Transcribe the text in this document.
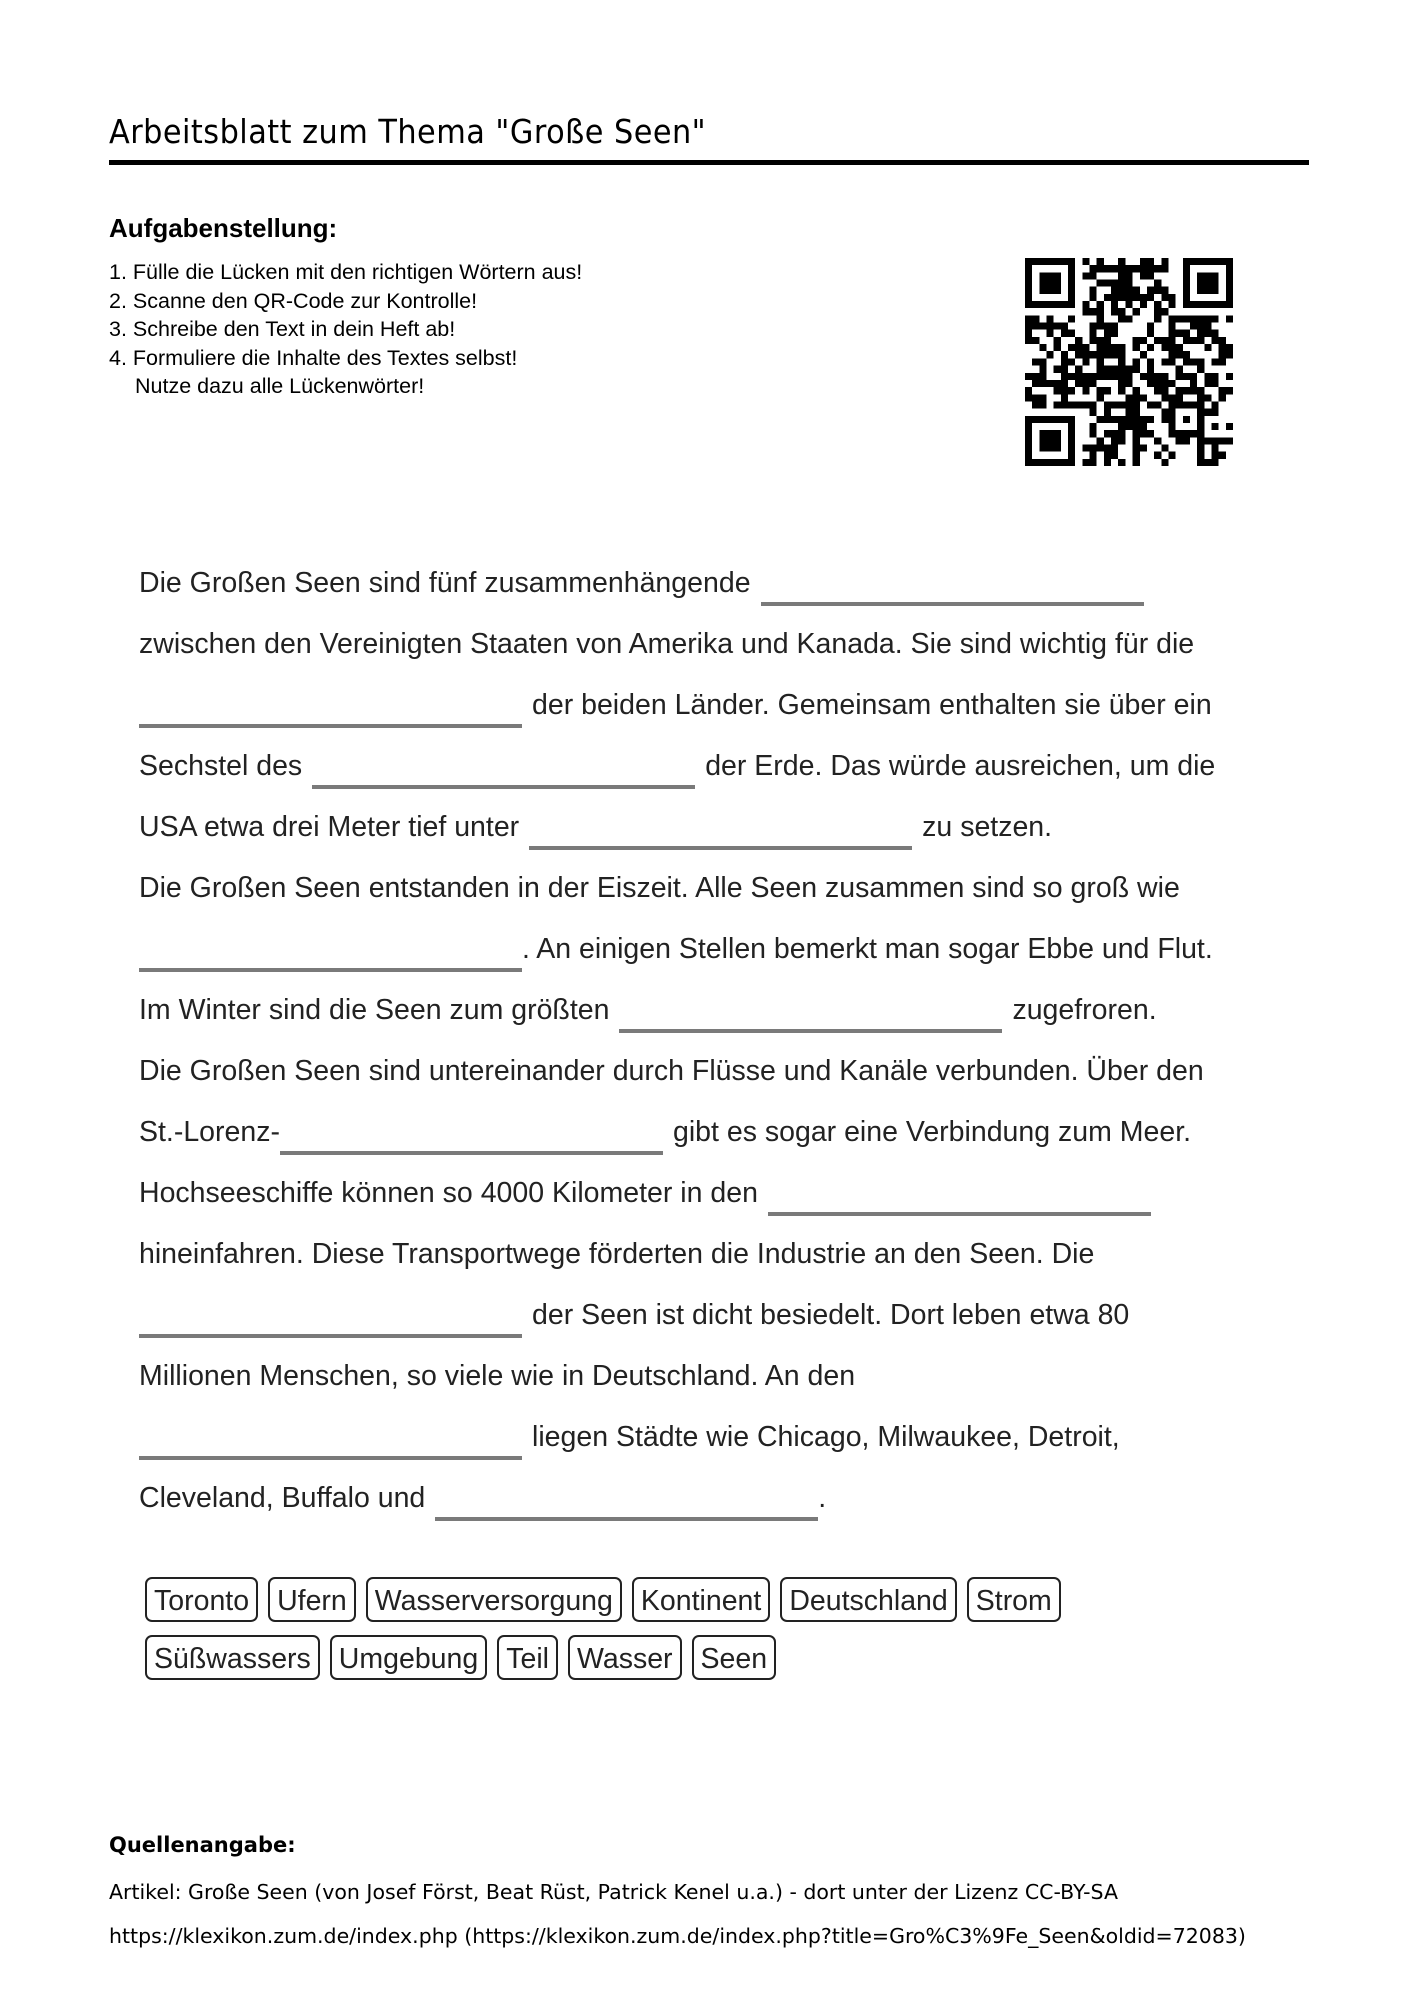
Arbeitsblatt zum Thema "Große Seen"
Aufgabenstellung:
1. Fülle die Lücken mit den richtigen Wörtern aus!
2. Scanne den QR-Code zur Kontrolle!
3. Schreibe den Text in dein Heft ab!
4. Formuliere die Inhalte des Textes selbst!
Nutze dazu alle Lückenwörter!
Die Großen Seen sind fünf zusammenhängende
zwischen den Vereinigten Staaten von Amerika und Kanada. Sie sind wichtig für die
der beiden Länder. Gemeinsam enthalten sie über ein
Sechstel des	der Erde. Das würde ausreichen, um die
USA etwa drei Meter tief unter	zu setzen.
Die Großen Seen entstanden in der Eiszeit. Alle Seen zusammen sind so groß wie
. An einigen Stellen bemerkt man sogar Ebbe und Flut.
Im Winter sind die Seen zum größten	zugefroren.
Die Großen Seen sind untereinander durch Flüsse und Kanäle verbunden. Über den
St.-Lorenz-	gibt es sogar eine Verbindung zum Meer.
Hochseeschiffe können so 4000 Kilometer in den
hineinfahren. Diese Transportwege förderten die Industrie an den Seen. Die
der Seen ist dicht besiedelt. Dort leben etwa 80
Millionen Menschen, so viele wie in Deutschland. An den
liegen Städte wie Chicago, Milwaukee, Detroit,
Cleveland, Buffalo und	.
Toronto Ufern Wasserversorgung Kontinent Deutschland Strom
Süßwassers Umgebung Teil Wasser Seen
Quellenangabe:
Artikel: Große Seen (von Josef Först, Beat Rüst, Patrick Kenel u.a.) - dort unter der Lizenz CC-BY-SA
https://klexikon.zum.de/index.php (https://klexikon.zum.de/index.php?title=Gro%C3%9Fe_Seen&oldid=72083)
